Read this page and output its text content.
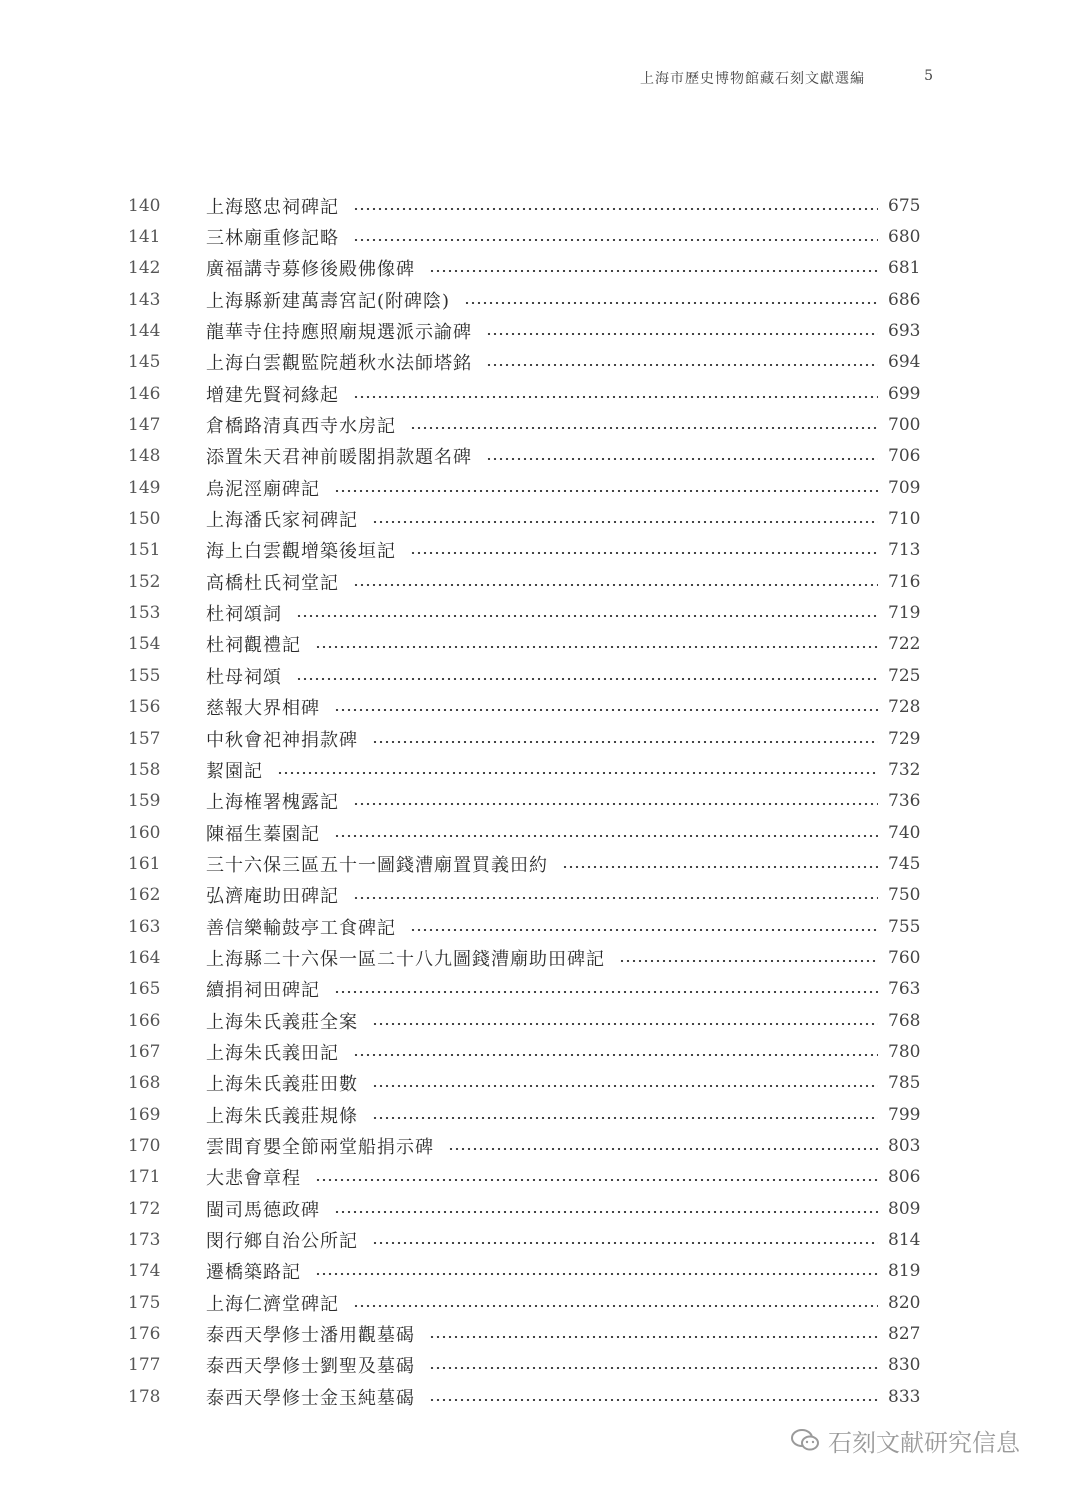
上海市歷史博物館藏石刻文獻選編	5
140	上海愍忠祠碑記	675
141	三林廟重修記略	680
142	廣福講寺募修後殿佛像碑	681
143	上海縣新建萬壽宮記(附碑陰)	686
144	龍華寺住持應照廟規選派示諭碑	693
145	上海白雲觀監院趙秋水法師塔銘	694
146	增建先賢祠緣起	699
147	倉橋路清真西寺水房記	700
148	添置朱天君神前暖閣捐款題名碑	706
149	烏泥涇廟碑記	709
150	上海潘氏家祠碑記	710
151	海上白雲觀增築後垣記	713
152	高橋杜氏祠堂記	716
153	杜祠頌詞	719
154	杜祠觀禮記	722
155	杜母祠頌	725
156	慈報大界相碑	728
157	中秋會祀神捐款碑	729
158	絜園記	732
159	上海榷署槐露記	736
160	陳福生蓁園記	740
161	三十六保三區五十一圖錢漕廟置買義田約	745
162	弘濟庵助田碑記	750
163	善信樂輸鼓亭工食碑記	755
164	上海縣二十六保一區二十八九圖錢漕廟助田碑記	760
165	續捐祠田碑記	763
166	上海朱氏義莊全案	768
167	上海朱氏義田記	780
168	上海朱氏義莊田數	785
169	上海朱氏義莊規條	799
170	雲間育嬰全節兩堂船捐示碑	803
171	大悲會章程	806
172	閩司馬德政碑	809
173	閔行鄉自治公所記	814
174	遷橋築路記	819
175	上海仁濟堂碑記	820
176	泰西天學修士潘用觀墓碣	827
177	泰西天學修士劉聖及墓碣	830
178	泰西天學修士金玉純墓碣	833
石刻文献研究信息
